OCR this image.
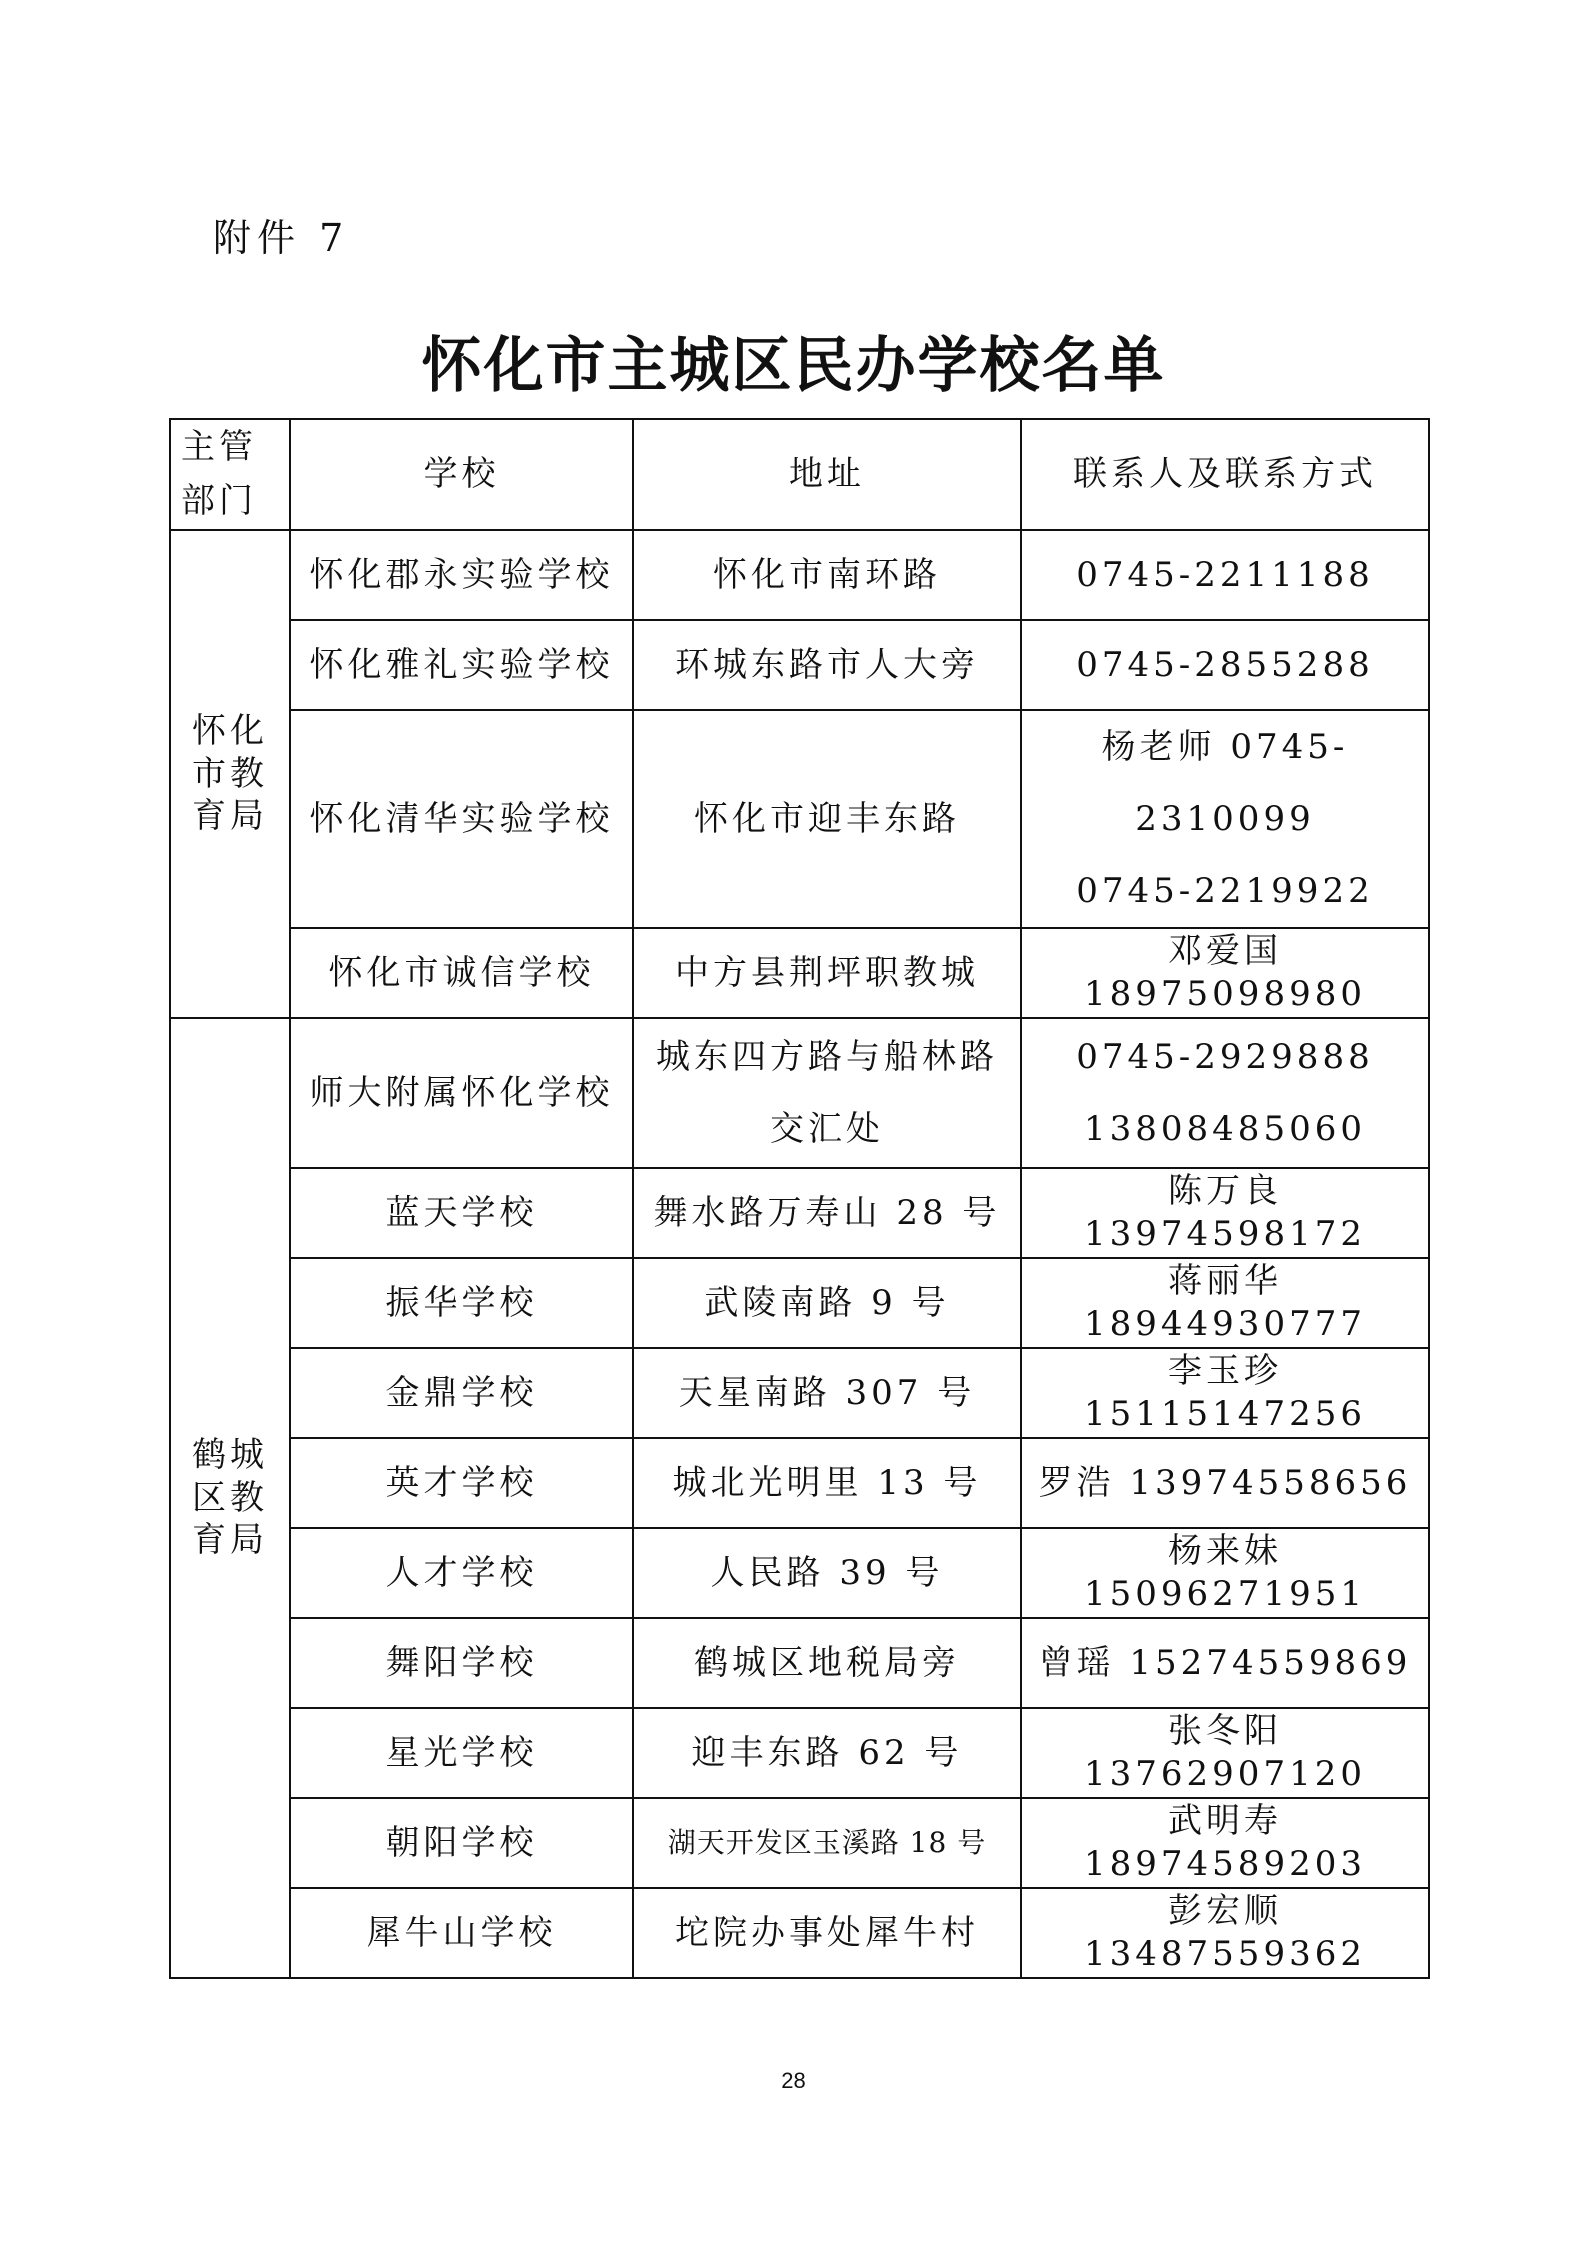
附件 7
怀化市主城区民办学校名单
主管
部门	学校	地址	联系人及联系方式

怀化
市教
育局	怀化郡永实验学校	怀化市南环路	0745-2211188

	怀化雅礼实验学校	环城东路市人大旁	0745-2855288

	怀化清华实验学校	怀化市迎丰东路	杨老师 0745-2310099
0745-2219922

	怀化市诚信学校	中方县荆坪职教城	邓爱国 18975098980

鹤城
区教
育局	师大附属怀化学校	城东四方路与船林路
交汇处	0745-2929888
13808485060

	蓝天学校	舞水路万寿山 28 号	陈万良 13974598172

	振华学校	武陵南路 9 号	蒋丽华 18944930777

	金鼎学校	天星南路 307 号	李玉珍 15115147256

	英才学校	城北光明里 13 号	罗浩 13974558656

	人才学校	人民路 39 号	杨来妹 15096271951

	舞阳学校	鹤城区地税局旁	曾瑶 15274559869

	星光学校	迎丰东路 62 号	张冬阳 13762907120

	朝阳学校	湖天开发区玉溪路 18 号	武明寿 18974589203

	犀牛山学校	坨院办事处犀牛村	彭宏顺 13487559362
28
